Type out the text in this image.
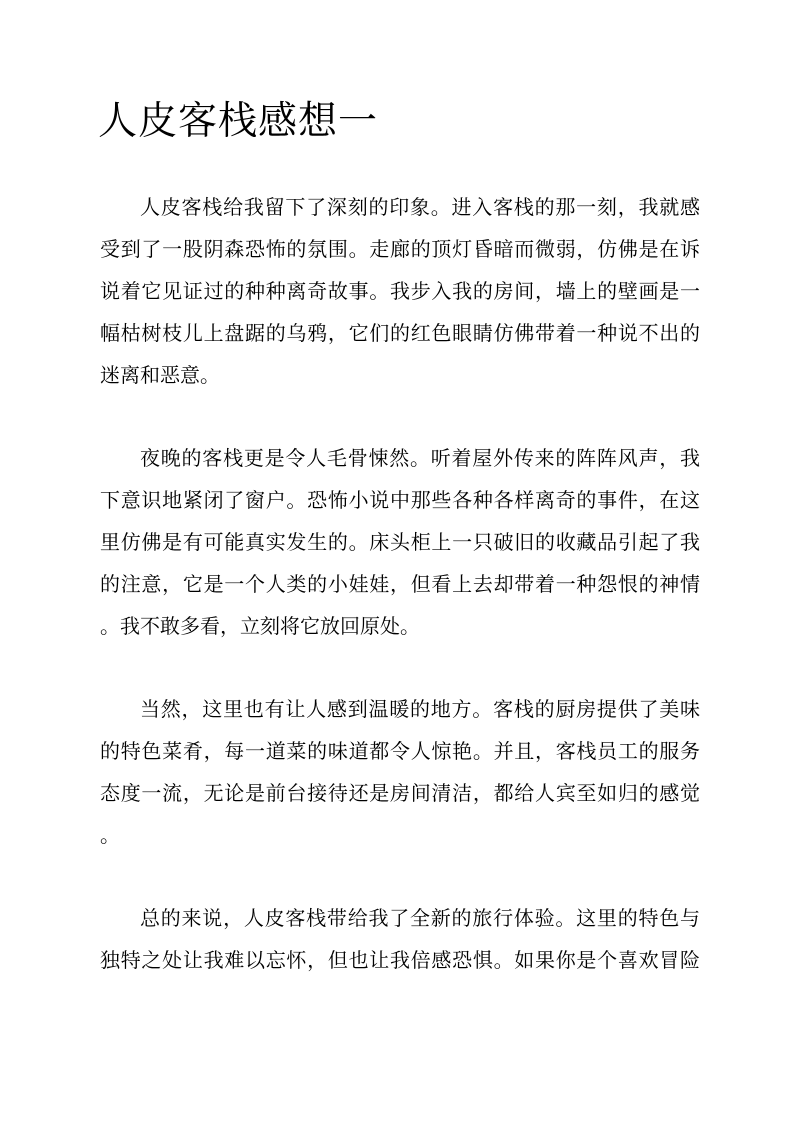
人皮客栈感想一

人皮客栈给我留下了深刻的印象。进入客栈的那一刻，我就感
受到了一股阴森恐怖的氛围。走廊的顶灯昏暗而微弱，仿佛是在诉
说着它见证过的种种离奇故事。我步入我的房间，墙上的壁画是一
幅枯树枝儿上盘踞的乌鸦，它们的红色眼睛仿佛带着一种说不出的
迷离和恶意。

夜晚的客栈更是令人毛骨悚然。听着屋外传来的阵阵风声，我
下意识地紧闭了窗户。恐怖小说中那些各种各样离奇的事件，在这
里仿佛是有可能真实发生的。床头柜上一只破旧的收藏品引起了我
的注意，它是一个人类的小娃娃，但看上去却带着一种怨恨的神情
。我不敢多看，立刻将它放回原处。

当然，这里也有让人感到温暖的地方。客栈的厨房提供了美味
的特色菜肴，每一道菜的味道都令人惊艳。并且，客栈员工的服务
态度一流，无论是前台接待还是房间清洁，都给人宾至如归的感觉
。

总的来说，人皮客栈带给我了全新的旅行体验。这里的特色与
独特之处让我难以忘怀，但也让我倍感恐惧。如果你是个喜欢冒险
